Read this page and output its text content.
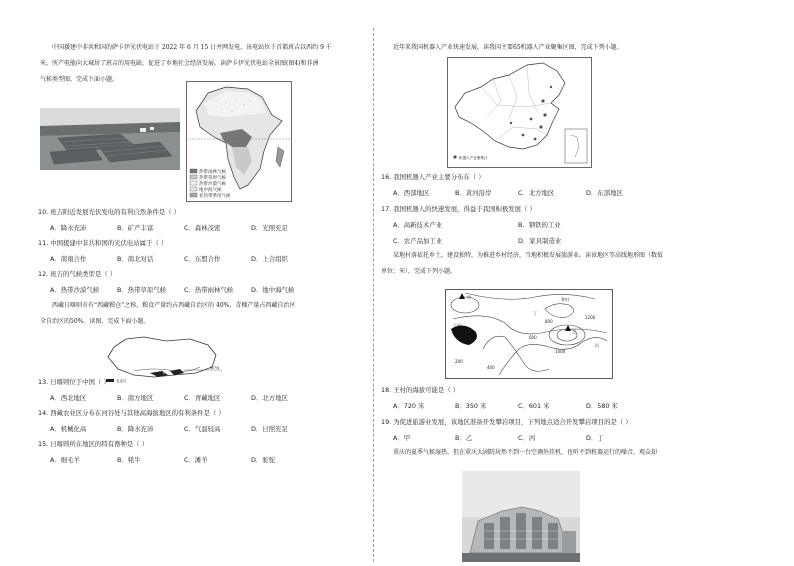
中国援建中非共和国的萨卡伊光伏电站于 2022 年 6 月 15 日并网发电，该电站位于首都班吉以西约 9 千
米，所产电能向大城居了班吉的用电缺，促进了乡地社会经济发展。读萨卡伊光伏电站全景图(图4)和非洲
气候类型图，完成下面小题。
热带雨林气候
热带草原气候
热带沙漠气候
地中海气候
亚热带季风气候
10. 班吉附近发展光伏发电的有利自然条件是（ ）
A．降水充沛	B．矿产丰富	C．森林茂密	D．光照充足
11. 中国援建中非共和国的光伏电站属于（ ）
A．南南合作	B．南北对话	C．东盟合作	D．上合组织
12. 班吉的气候类型是（ ）
A．热带沙漠气候	B．热带草原气候	C．热带雨林气候	D．地中海气候
西藏日喀则市有“西藏粮仓”之称，粮食产量约占西藏自治区的 40%，青稞产量占西藏自治区
全自治区的50%。读图，完成下面小题。
30°N
农业区
13. 日喀则位于中国（ ）
A．西北地区	B．南方地区	C．青藏地区	D．北方地区
14. 西藏农业区分布在河谷处与其他高海拔地区的有利条件是（ ）
A．机械化高	B．降水充沛	C．气温较高	D．日照充足
15. 日喀则所在地区的特有畜种是（ ）
A．细毛羊	B．牦牛	C．滩羊	D．驼驼
近年来我国机器人产业快速发展，读我国主要65机器人产业聚集区图，完成下列小题。
机器人产业聚集区
16. 我国机器人产业主要分布在（ ）
A．西部地区	B．黄河沿岸	C．北方地区	D．东部地区
17. 我国机器人的快速发展，得益于我国积极发展（ ）
A．高新技术产业	B．钢铁的工业
C．农产品加工业	D．家具制造业
某地村落依托乡土，建设独特，为推进乡村经济，当地积极发展旅游业。读该地区等高线地形图（数值
单位：米），完成下列小题。
甲
乙
丙
丁
王村
香村
200
400
600
800
1000
1200
18. 王村的海拔可能是（ ）
A．720 米	B．350 米	C．601 米	D．580 米
19. 为促进旅游业发展，该地区准备开发攀岩项目，下列地点适合开发攀岩项目的是（ ）
A．甲	B．乙	C．丙	D．丁
重庆的夏季气候湿热，但在重庆大剧院居然不到一台空调外挂机，也听不到机器运行的噪音，观众却
